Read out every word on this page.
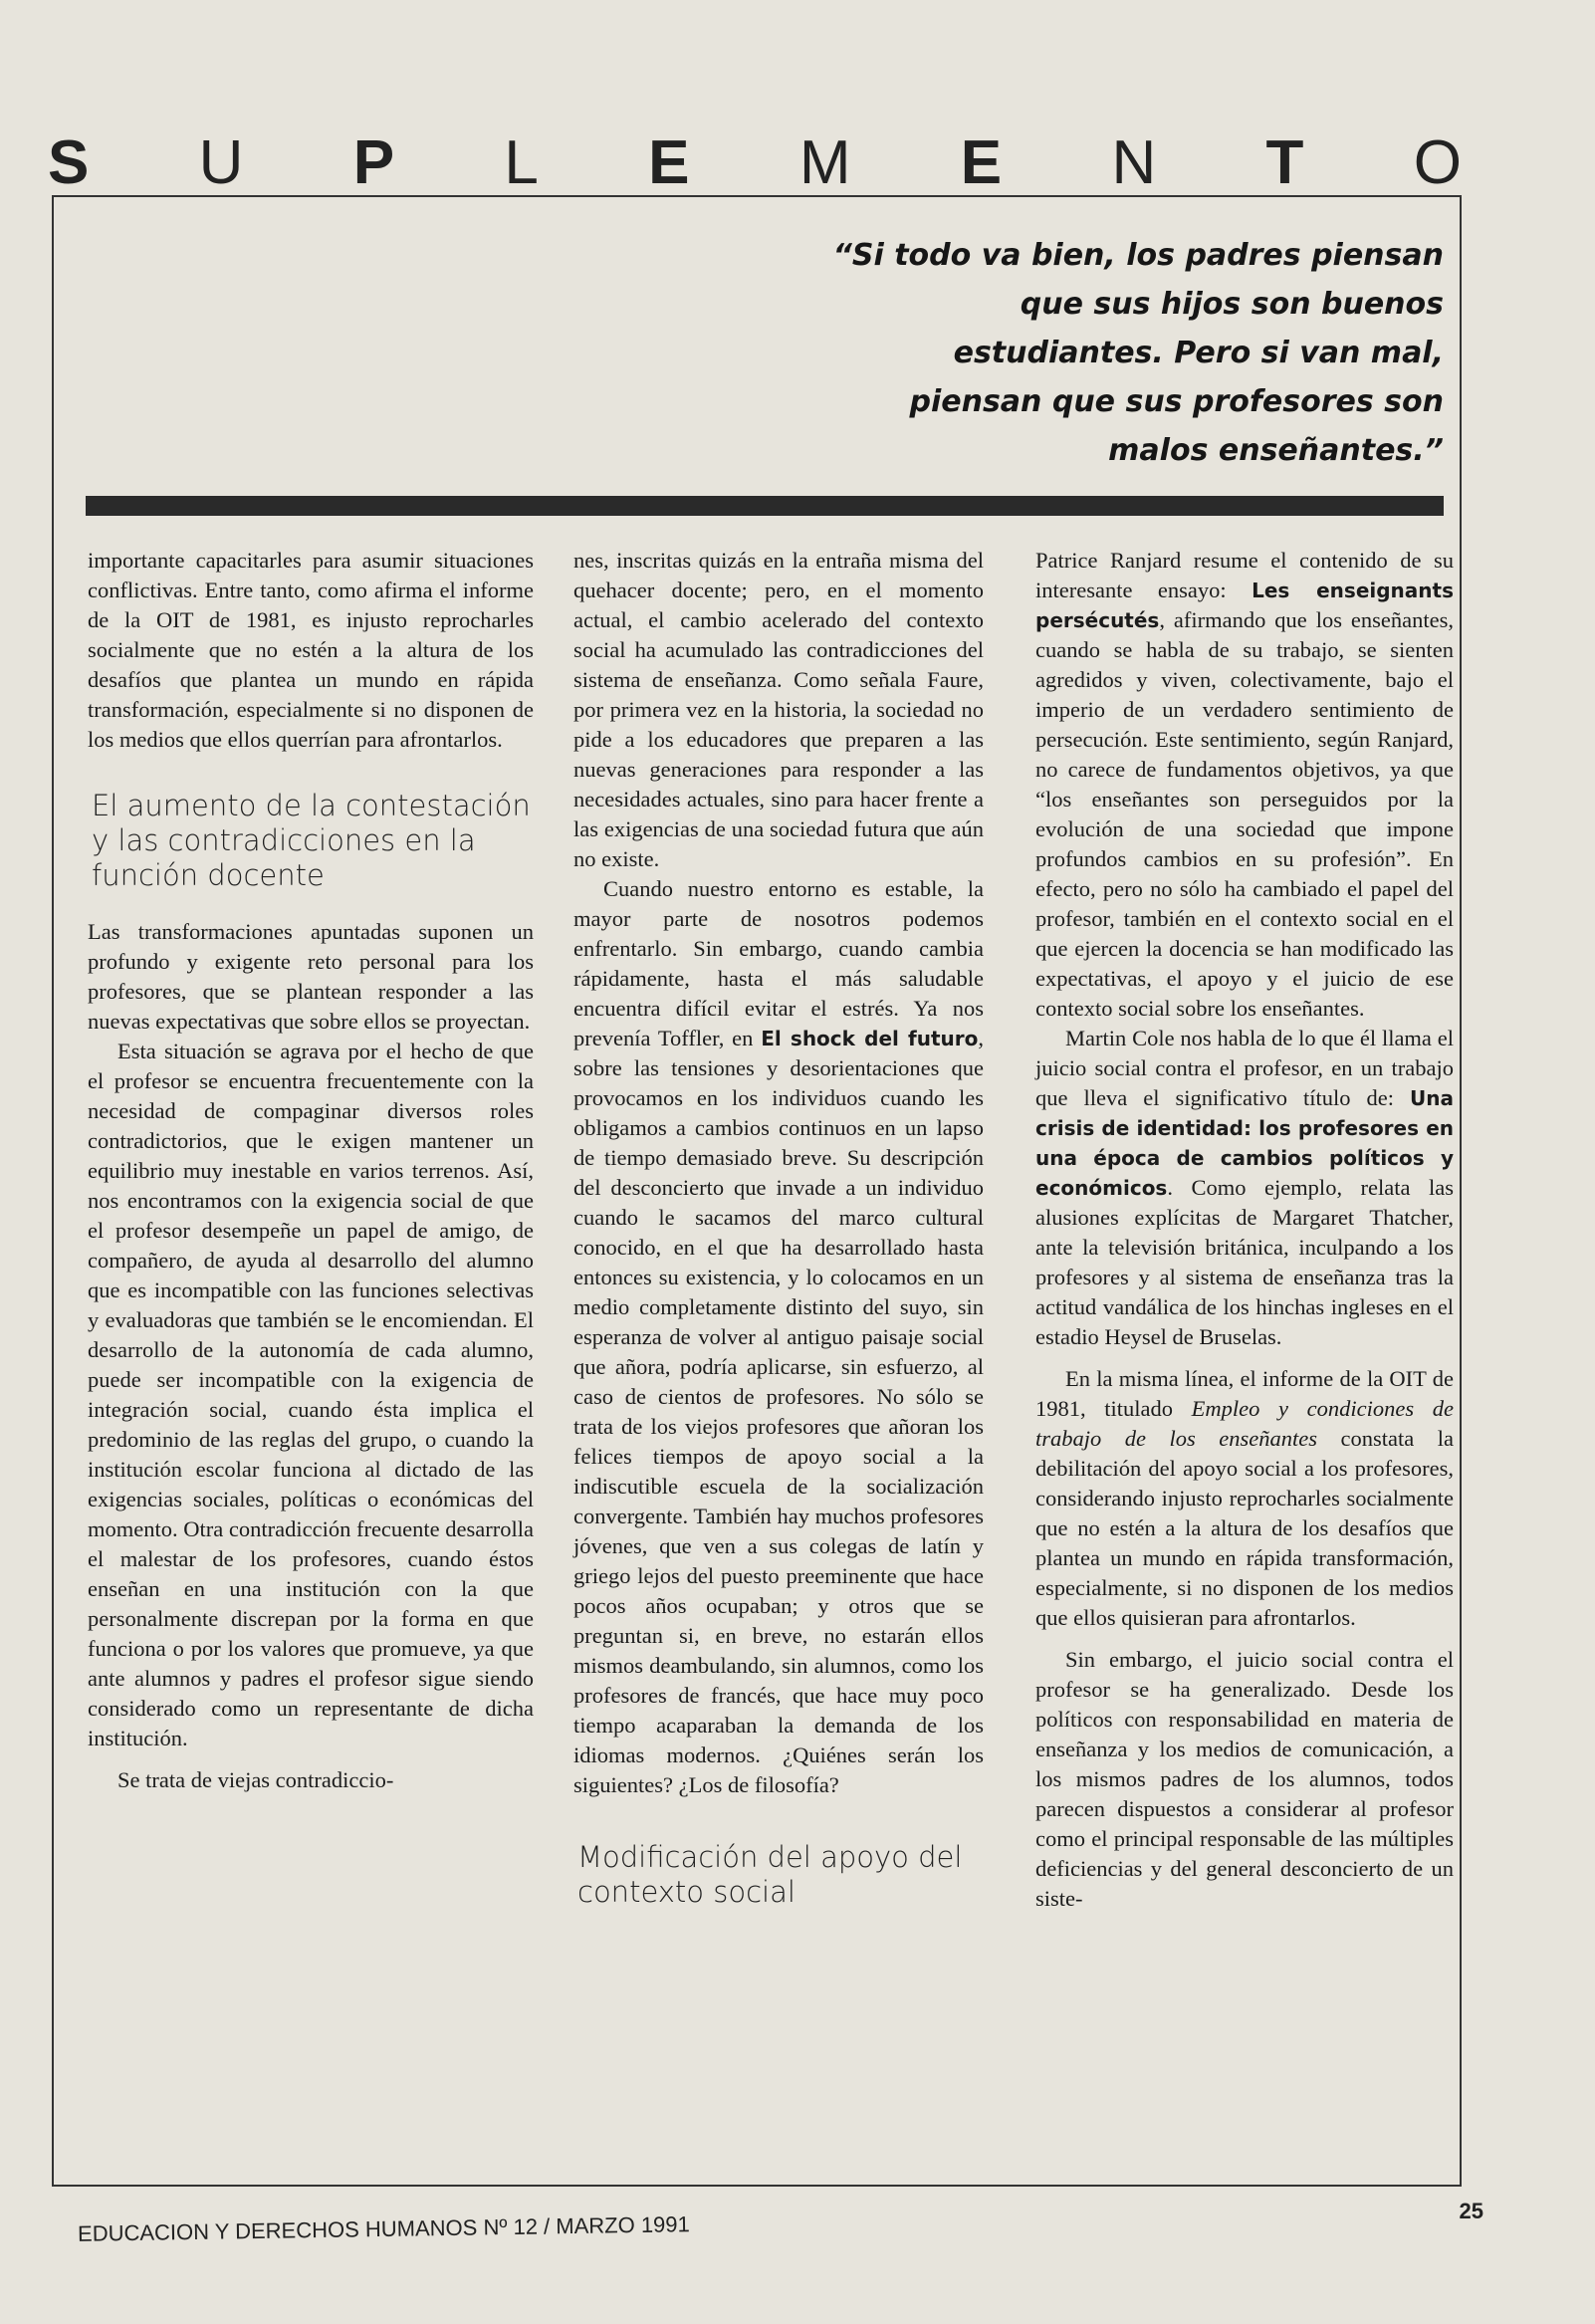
S U P L E M E N T O
“Si todo va bien, los padres piensan que sus hijos son buenos estudiantes. Pero si van mal, piensan que sus profesores son malos enseñantes.”

importante capacitarles para asumir situaciones conflictivas. Entre tanto, como afirma el informe de la OIT de 1981, es injusto reprocharles socialmente que no estén a la altura de los desafíos que plantea un mundo en rápida transformación, especialmente si no disponen de los medios que ellos querrían para afrontarlos.

El aumento de la contestación y las contradicciones en la función docente

Las transformaciones apuntadas suponen un profundo y exigente reto personal para los profesores, que se plantean responder a las nuevas expectativas que sobre ellos se proyectan.

Esta situación se agrava por el hecho de que el profesor se encuentra frecuentemente con la necesidad de compaginar diversos roles contradictorios, que le exigen mantener un equilibrio muy inestable en varios terrenos. Así, nos encontramos con la exigencia social de que el profesor desempeñe un papel de amigo, de compañero, de ayuda al desarrollo del alumno que es incompatible con las funciones selectivas y evaluadoras que también se le encomiendan. El desarrollo de la autonomía de cada alumno, puede ser incompatible con la exigencia de integración social, cuando ésta implica el predominio de las reglas del grupo, o cuando la institución escolar funciona al dictado de las exigencias sociales, políticas o económicas del momento. Otra contradicción frecuente desarrolla el malestar de los profesores, cuando éstos enseñan en una institución con la que personalmente discrepan por la forma en que funciona o por los valores que promueve, ya que ante alumnos y padres el profesor sigue siendo considerado como un representante de dicha institución.

Se trata de viejas contradiccio-

nes, inscritas quizás en la entraña misma del quehacer docente; pero, en el momento actual, el cambio acelerado del contexto social ha acumulado las contradicciones del sistema de enseñanza. Como señala Faure, por primera vez en la historia, la sociedad no pide a los educadores que preparen a las nuevas generaciones para responder a las necesidades actuales, sino para hacer frente a las exigencias de una sociedad futura que aún no existe.

Cuando nuestro entorno es estable, la mayor parte de nosotros podemos enfrentarlo. Sin embargo, cuando cambia rápidamente, hasta el más saludable encuentra difícil evitar el estrés. Ya nos prevenía Toffler, en El shock del futuro, sobre las tensiones y desorientaciones que provocamos en los individuos cuando les obligamos a cambios continuos en un lapso de tiempo demasiado breve. Su descripción del desconcierto que invade a un individuo cuando le sacamos del marco cultural conocido, en el que ha desarrollado hasta entonces su existencia, y lo colocamos en un medio completamente distinto del suyo, sin esperanza de volver al antiguo paisaje social que añora, podría aplicarse, sin esfuerzo, al caso de cientos de profesores. No sólo se trata de los viejos profesores que añoran los felices tiempos de apoyo social a la indiscutible escuela de la socialización convergente. También hay muchos profesores jóvenes, que ven a sus colegas de latín y griego lejos del puesto preeminente que hace pocos años ocupaban; y otros que se preguntan si, en breve, no estarán ellos mismos deambulando, sin alumnos, como los profesores de francés, que hace muy poco tiempo acaparaban la demanda de los idiomas modernos. ¿Quiénes serán los siguientes? ¿Los de filosofía?

Modificación del apoyo del contexto social

Patrice Ranjard resume el contenido de su interesante ensayo: Les enseignants persécutés, afirmando que los enseñantes, cuando se habla de su trabajo, se sienten agredidos y viven, colectivamente, bajo el imperio de un verdadero sentimiento de persecución. Este sentimiento, según Ranjard, no carece de fundamentos objetivos, ya que “los enseñantes son perseguidos por la evolución de una sociedad que impone profundos cambios en su profesión”. En efecto, pero no sólo ha cambiado el papel del profesor, también en el contexto social en el que ejercen la docencia se han modificado las expectativas, el apoyo y el juicio de ese contexto social sobre los enseñantes.

Martin Cole nos habla de lo que él llama el juicio social contra el profesor, en un trabajo que lleva el significativo título de: Una crisis de identidad: los profesores en una época de cambios políticos y económicos. Como ejemplo, relata las alusiones explícitas de Margaret Thatcher, ante la televisión británica, inculpando a los profesores y al sistema de enseñanza tras la actitud vandálica de los hinchas ingleses en el estadio Heysel de Bruselas.

En la misma línea, el informe de la OIT de 1981, titulado Empleo y condiciones de trabajo de los enseñantes constata la debilitación del apoyo social a los profesores, considerando injusto reprocharles socialmente que no estén a la altura de los desafíos que plantea un mundo en rápida transformación, especialmente, si no disponen de los medios que ellos quisieran para afrontarlos.

Sin embargo, el juicio social contra el profesor se ha generalizado. Desde los políticos con responsabilidad en materia de enseñanza y los medios de comunicación, a los mismos padres de los alumnos, todos parecen dispuestos a considerar al profesor como el principal responsable de las múltiples deficiencias y del general desconcierto de un siste-

EDUCACION Y DERECHOS HUMANOS Nº 12 / MARZO 1991
25
